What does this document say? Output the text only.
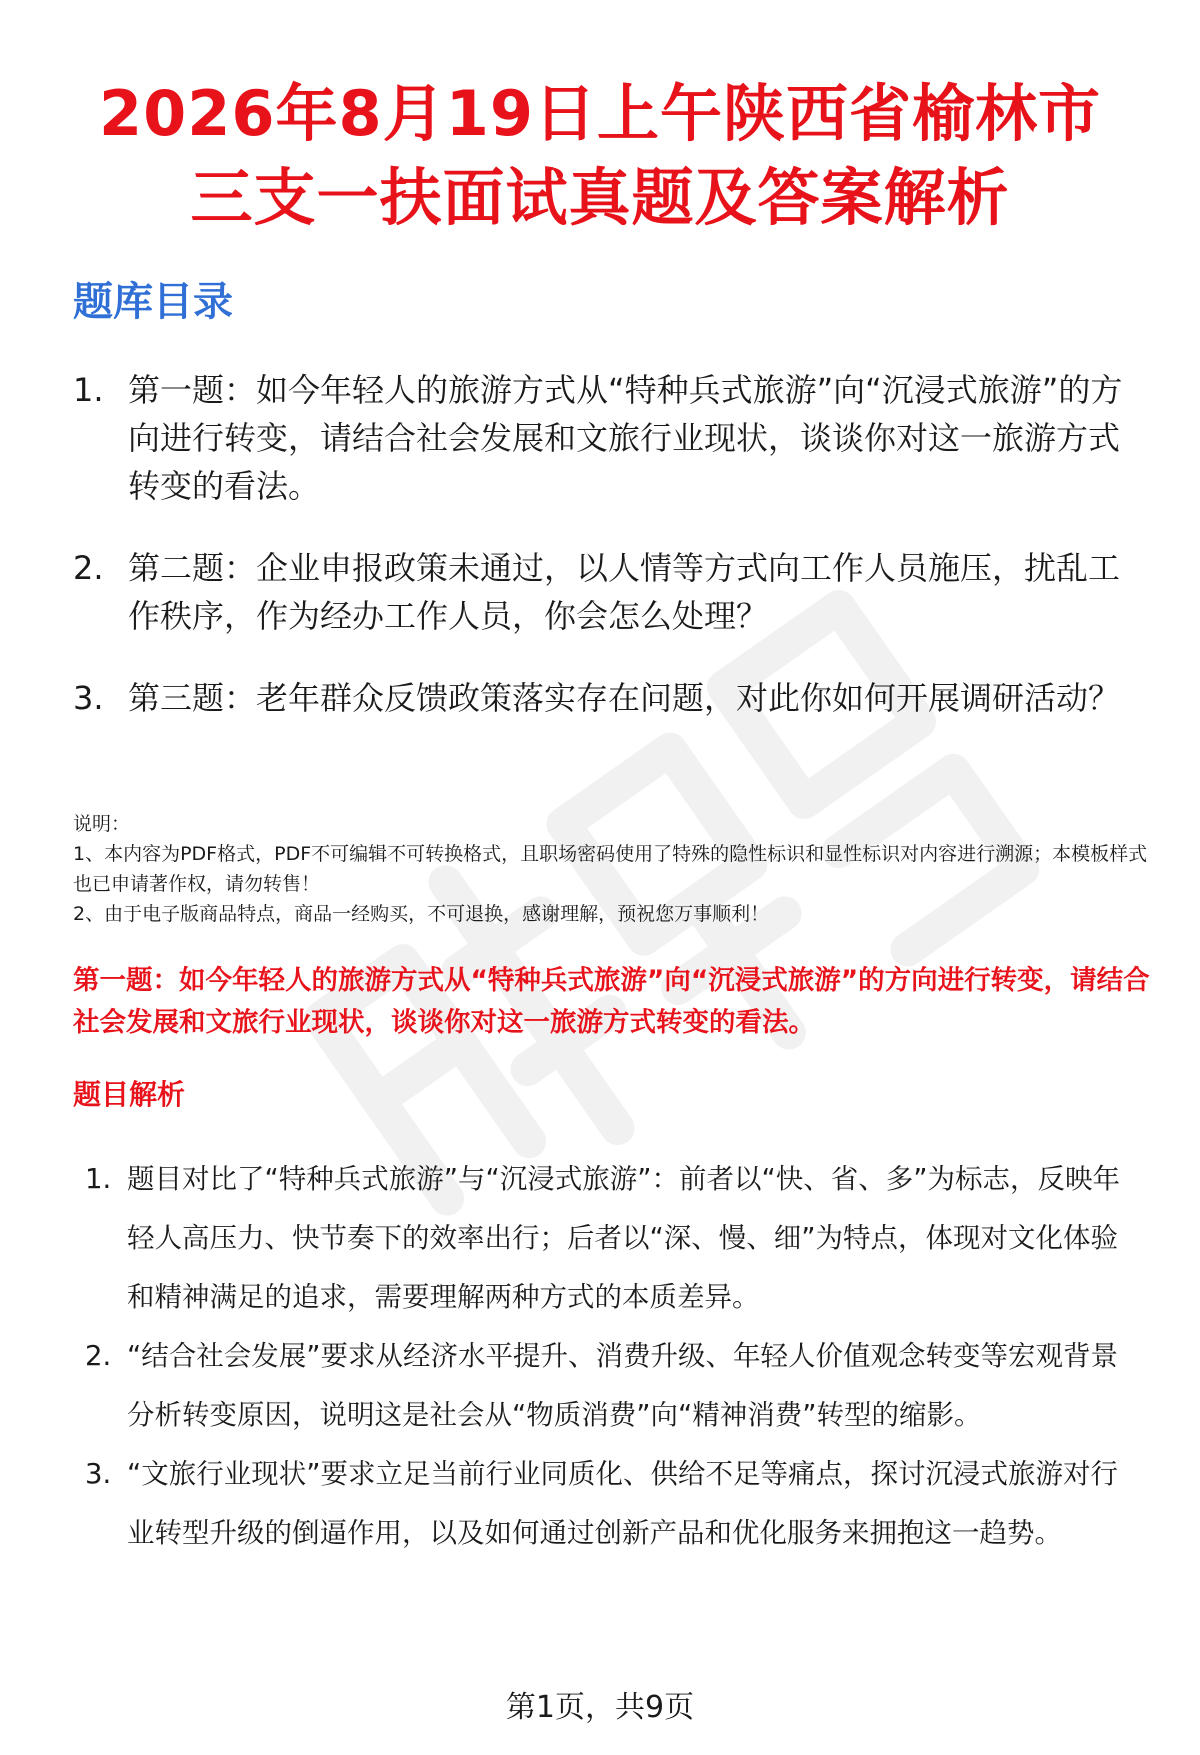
2026年8月19日上午陕西省榆林市
三支一扶面试真题及答案解析
题库目录
1. 第一题：如今年轻人的旅游方式从“特种兵式旅游”向“沉浸式旅游”的方向进行转变，请结合社会发展和文旅行业现状，谈谈你对这一旅游方式转变的看法。
2. 第二题：企业申报政策未通过，以人情等方式向工作人员施压，扰乱工作秩序，作为经办工作人员，你会怎么处理？
3. 第三题：老年群众反馈政策落实存在问题，对此你如何开展调研活动？

说明：

1、本内容为PDF格式，PDF不可编辑不可转换格式，且职场密码使用了特殊的隐性标识和显性标识对内容进行溯源；本模板样式也已申请著作权，请勿转售！

2、由于电子版商品特点，商品一经购买，不可退换，感谢理解，预祝您万事顺利！

第一题：如今年轻人的旅游方式从“特种兵式旅游”向“沉浸式旅游”的方向进行转变，请结合社会发展和文旅行业现状，谈谈你对这一旅游方式转变的看法。
题目解析
1. 题目对比了“特种兵式旅游”与“沉浸式旅游”：前者以“快、省、多”为标志，反映年轻人高压力、快节奏下的效率出行；后者以“深、慢、细”为特点，体现对文化体验和精神满足的追求，需要理解两种方式的本质差异。
2. “结合社会发展”要求从经济水平提升、消费升级、年轻人价值观念转变等宏观背景分析转变原因，说明这是社会从“物质消费”向“精神消费”转型的缩影。
3. “文旅行业现状”要求立足当前行业同质化、供给不足等痛点，探讨沉浸式旅游对行业转型升级的倒逼作用，以及如何通过创新产品和优化服务来拥抱这一趋势。
第1页，共9页
